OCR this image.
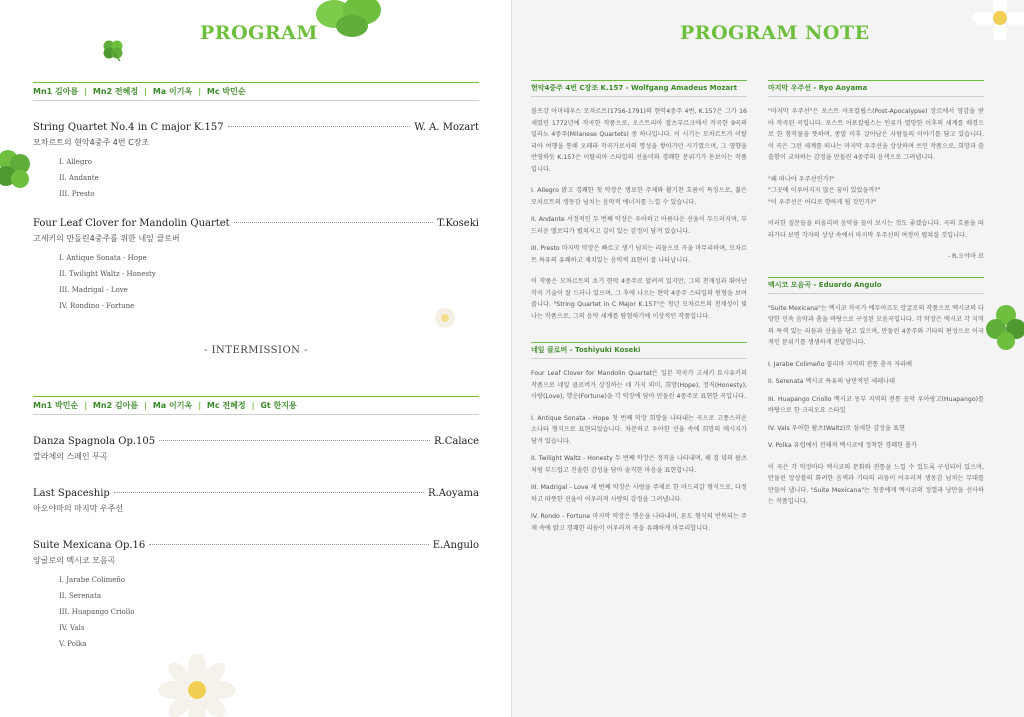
PROGRAM
Mn1 김아름 | Mn2 전혜정 | Ma 이기옥 | Mc 박민순
String Quartet No.4 in C major K.157	W. A. Mozart
모차르트의 현악4중주 4번 C장조
I. Allegro
II. Andante
III. Presto
Four Leaf Clover for Mandolin Quartet	T.Koseki
고세키의 만돌린4중주를 위한 네잎 클로버
I. Antique Sonata - Hope
II. Twilight Waltz - Honesty
III. Madrigal - Love
IV. Rondino - Fortune
- INTERMISSION -
Mn1 박민순 | Mn2 김아름 | Ma 이기옥 | Mc 전혜정 | Gt 한지용
Danza Spagnola Op.105	R.Calace
깔라체의 스페인 무곡
Last Spaceship	R.Aoyama
아오야마의 마지막 우주선
Suite Mexicana Op.16	E.Angulo
앙굴로의 멕시코 모음곡
I. Jarabe Colimeño
II. Serenata
III. Huapango Criollo
IV. Vals
V. Polka
PROGRAM NOTE
현악4중주 4번 C장조 K.157 - Wolfgang Amadeus Mozart

볼프강 아마데우스 모차르트(1756-1791)의 현악4중주 4번, K.157은 그가 16세였던 1772년에 작곡한 작품으로, 오스트리아 잘츠부르크에서 작곡한 9곡의 밀라노 4중주(Milanese Quartets) 중 하나입니다. 이 시기는 모차르트가 이탈리아 여행을 통해 오페라 작곡가로서의 명성을 쌓아가던 시기였으며, 그 영향을 반영하듯 K.157은 이탈리아 스타일의 선율미와 경쾌한 분위기가 돋보이는 작품입니다.

I. Allegro 밝고 경쾌한 첫 악장은 명료한 주제와 활기찬 흐름이 특징으로, 젊은 모차르트의 생동감 넘치는 음악적 에너지를 느낄 수 있습니다.
II. Andante 서정적인 두 번째 악장은 우아하고 아름다운 선율이 두드러지며, 부드러운 멜로디가 펼쳐지고 깊이 있는 감정이 담겨 있습니다.
III. Presto 마지막 악장은 빠르고 생기 넘치는 리듬으로 곡을 마무리하며, 모차르트 특유의 유쾌하고 재치있는 음악적 표현이 잘 나타납니다.

이 작품은 모차르트의 초기 현악 4중주로 알려져 있지만, 그의 천재성과 뛰어난 작곡 기술이 잘 드러나 있으며, 그 후에 나오는 현악 4중주 스타일의 원형을 보여 줍니다. "String Quartet in C Major K.157"은 청년 모차르트의 천재성이 빛나는 작품으로, 그의 음악 세계를 탐험하기에 이상적인 작품입니다.

네잎 클로버 - Toshiyuki Koseki

Four Leaf Clover for Mandolin Quartet은 일본 작곡가 고세키 토시유키의 작품으로 네잎 클로버가 상징하는 네 가지 의미, 희망(Hope), 정직(Honesty), 사랑(Love), 행운(Fortune)을 각 악장에 담아 만돌린 4중주로 표현한 곡입니다.

I. Antique Sonata - Hope 첫 번째 악장 희망을 나타내는 곡으로 고풍스러운 소나타 형식으로 표현되었습니다. 차분하고 우아한 선율 속에 희망의 메시지가 담겨 있습니다.
II. Twilight Waltz - Honesty 두 번째 악장은 정직을 나타내며, 해 질 녘의 왈츠처럼 부드럽고 진솔한 감성을 담아 솔직한 마음을 표현합니다.
III. Madrigal - Love 세 번째 악장은 사랑을 주제로 한 마드리갈 형식으로, 다정하고 따뜻한 선율이 어우러져 사랑의 감정을 그려냅니다.
IV. Rondo - Fortune 마지막 악장은 행운을 나타내며, 론도 형식의 반복되는 주제 속에 밝고 경쾌한 리듬이 어우러져 곡을 유쾌하게 마무리합니다.
마지막 우주선 - Ryo Aoyama

"마지막 우주선"은 포스트 아포칼립스(Post-Apocalypse) 장르에서 영감을 받아 작곡된 곡입니다. 포스트 아포칼립스는 인류가 멸망한 이후의 세계를 배경으로 한 창작물을 뜻하며, 종말 이후 살아남은 사람들의 이야기를 담고 있습니다. 이 곡은 그런 세계를 떠나는 마지막 우주선을 상상하며 쓰인 작품으로, 희망과 쓸쓸함이 교차하는 감정을 만돌린 4중주의 음색으로 그려냅니다.

"왜 떠나야 우주선인가?"
"그곳에 이루어지지 않은 꿈이 있었을까?"
"이 우주선은 어디로 향하게 될 것인가?"

이러한 질문들을 떠올리며 음악을 들어 보시는 것도 좋겠습니다. 곡의 흐름을 따라가다 보면 각자의 상상 속에서 마지막 우주선의 여정이 펼쳐질 것입니다.

- R.오야마 료
멕시코 모음곡 - Eduardo Angulo

"Suite Mexicana"는 멕시코 작곡가 에두아르도 앙굴로의 작품으로 멕시코의 다양한 민속 음악과 춤을 바탕으로 구성된 모음곡입니다. 각 악장은 멕시코 각 지역의 특색 있는 리듬과 선율을 담고 있으며, 만돌린 4중주와 기타의 편성으로 이국적인 분위기를 생생하게 전달합니다.

I. Jarabe Colimeño 콜리마 지역의 전통 춤곡 자라베
II. Serenata 멕시코 특유의 낭만적인 세레나데
III. Huapango Criollo 멕시코 동부 지역의 전통 음악 우아팡고(Huapango)를 바탕으로 한 크리오요 스타일
IV. Vals 우아한 왈츠(Waltz)로 섬세한 감성을 표현
V. Polka 유럽에서 전해져 멕시코에 정착한 경쾌한 폴카

이 곡은 각 악장마다 멕시코의 문화와 전통을 느낄 수 있도록 구성되어 있으며, 만돌린 앙상블의 화려한 음색과 기타의 리듬이 어우러져 생동감 넘치는 무대를 만들어 냅니다. "Suite Mexicana"는 청중에게 멕시코의 정열과 낭만을 선사하는 작품입니다.
